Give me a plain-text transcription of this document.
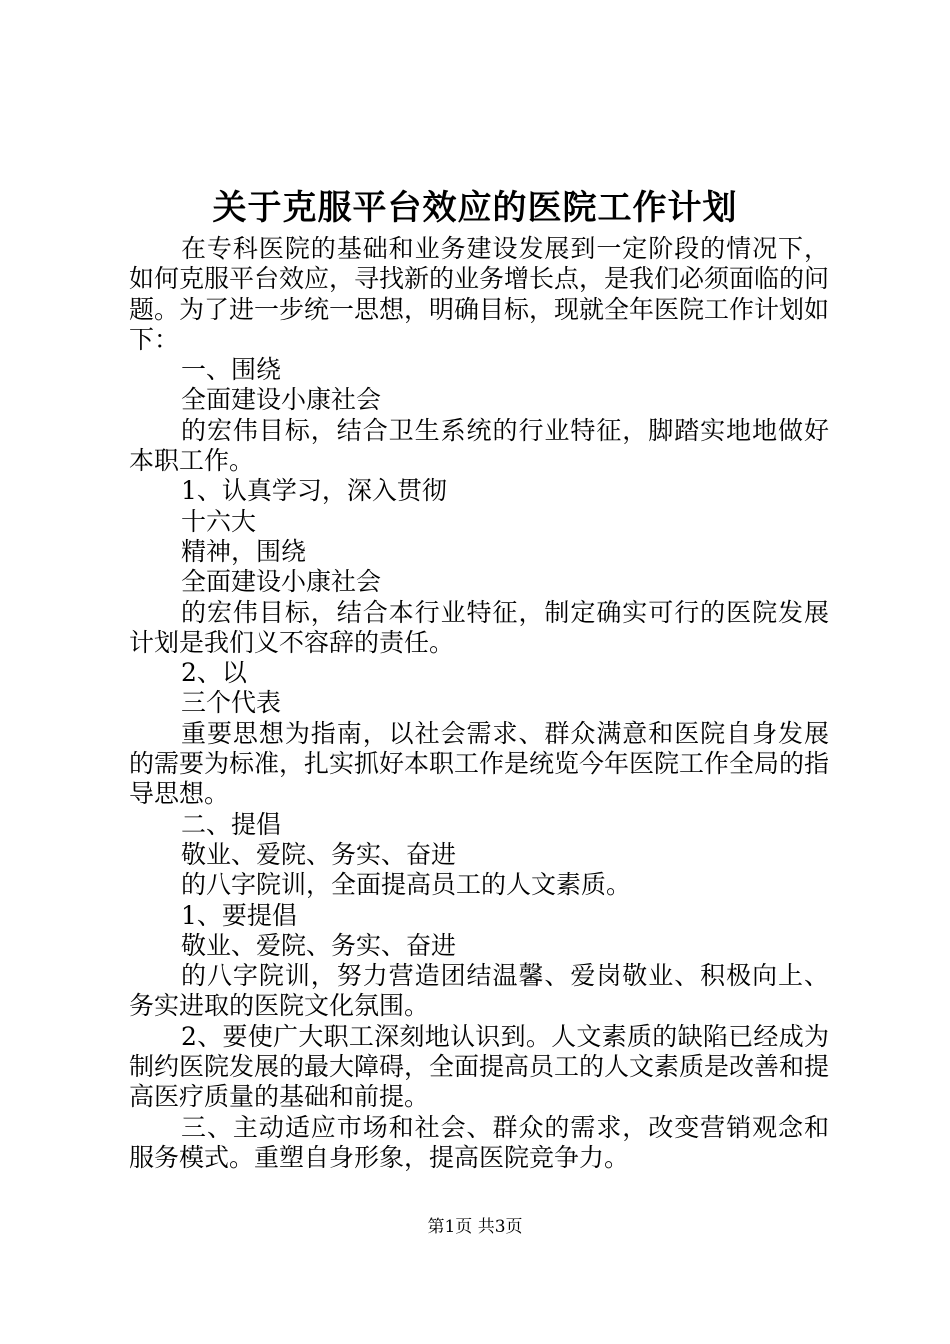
关于克服平台效应的医院工作计划

在专科医院的基础和业务建设发展到一定阶段的情况下，如何克服平台效应，寻找新的业务增长点，是我们必须面临的问题。为了进一步统一思想，明确目标，现就全年医院工作计划如下：

一、围绕

全面建设小康社会

的宏伟目标，结合卫生系统的行业特征，脚踏实地地做好本职工作。

1、认真学习，深入贯彻

十六大

精神，围绕

全面建设小康社会

的宏伟目标，结合本行业特征，制定确实可行的医院发展计划是我们义不容辞的责任。

2、以

三个代表

重要思想为指南，以社会需求、群众满意和医院自身发展的需要为标准，扎实抓好本职工作是统览今年医院工作全局的指导思想。

二、提倡

敬业、爱院、务实、奋进

的八字院训，全面提高员工的人文素质。

1、要提倡

敬业、爱院、务实、奋进

的八字院训，努力营造团结温馨、爱岗敬业、积极向上、务实进取的医院文化氛围。

2、要使广大职工深刻地认识到。人文素质的缺陷已经成为制约医院发展的最大障碍，全面提高员工的人文素质是改善和提高医疗质量的基础和前提。

三、主动适应市场和社会、群众的需求，改变营销观念和服务模式。重塑自身形象，提高医院竞争力。

第1页 共3页
